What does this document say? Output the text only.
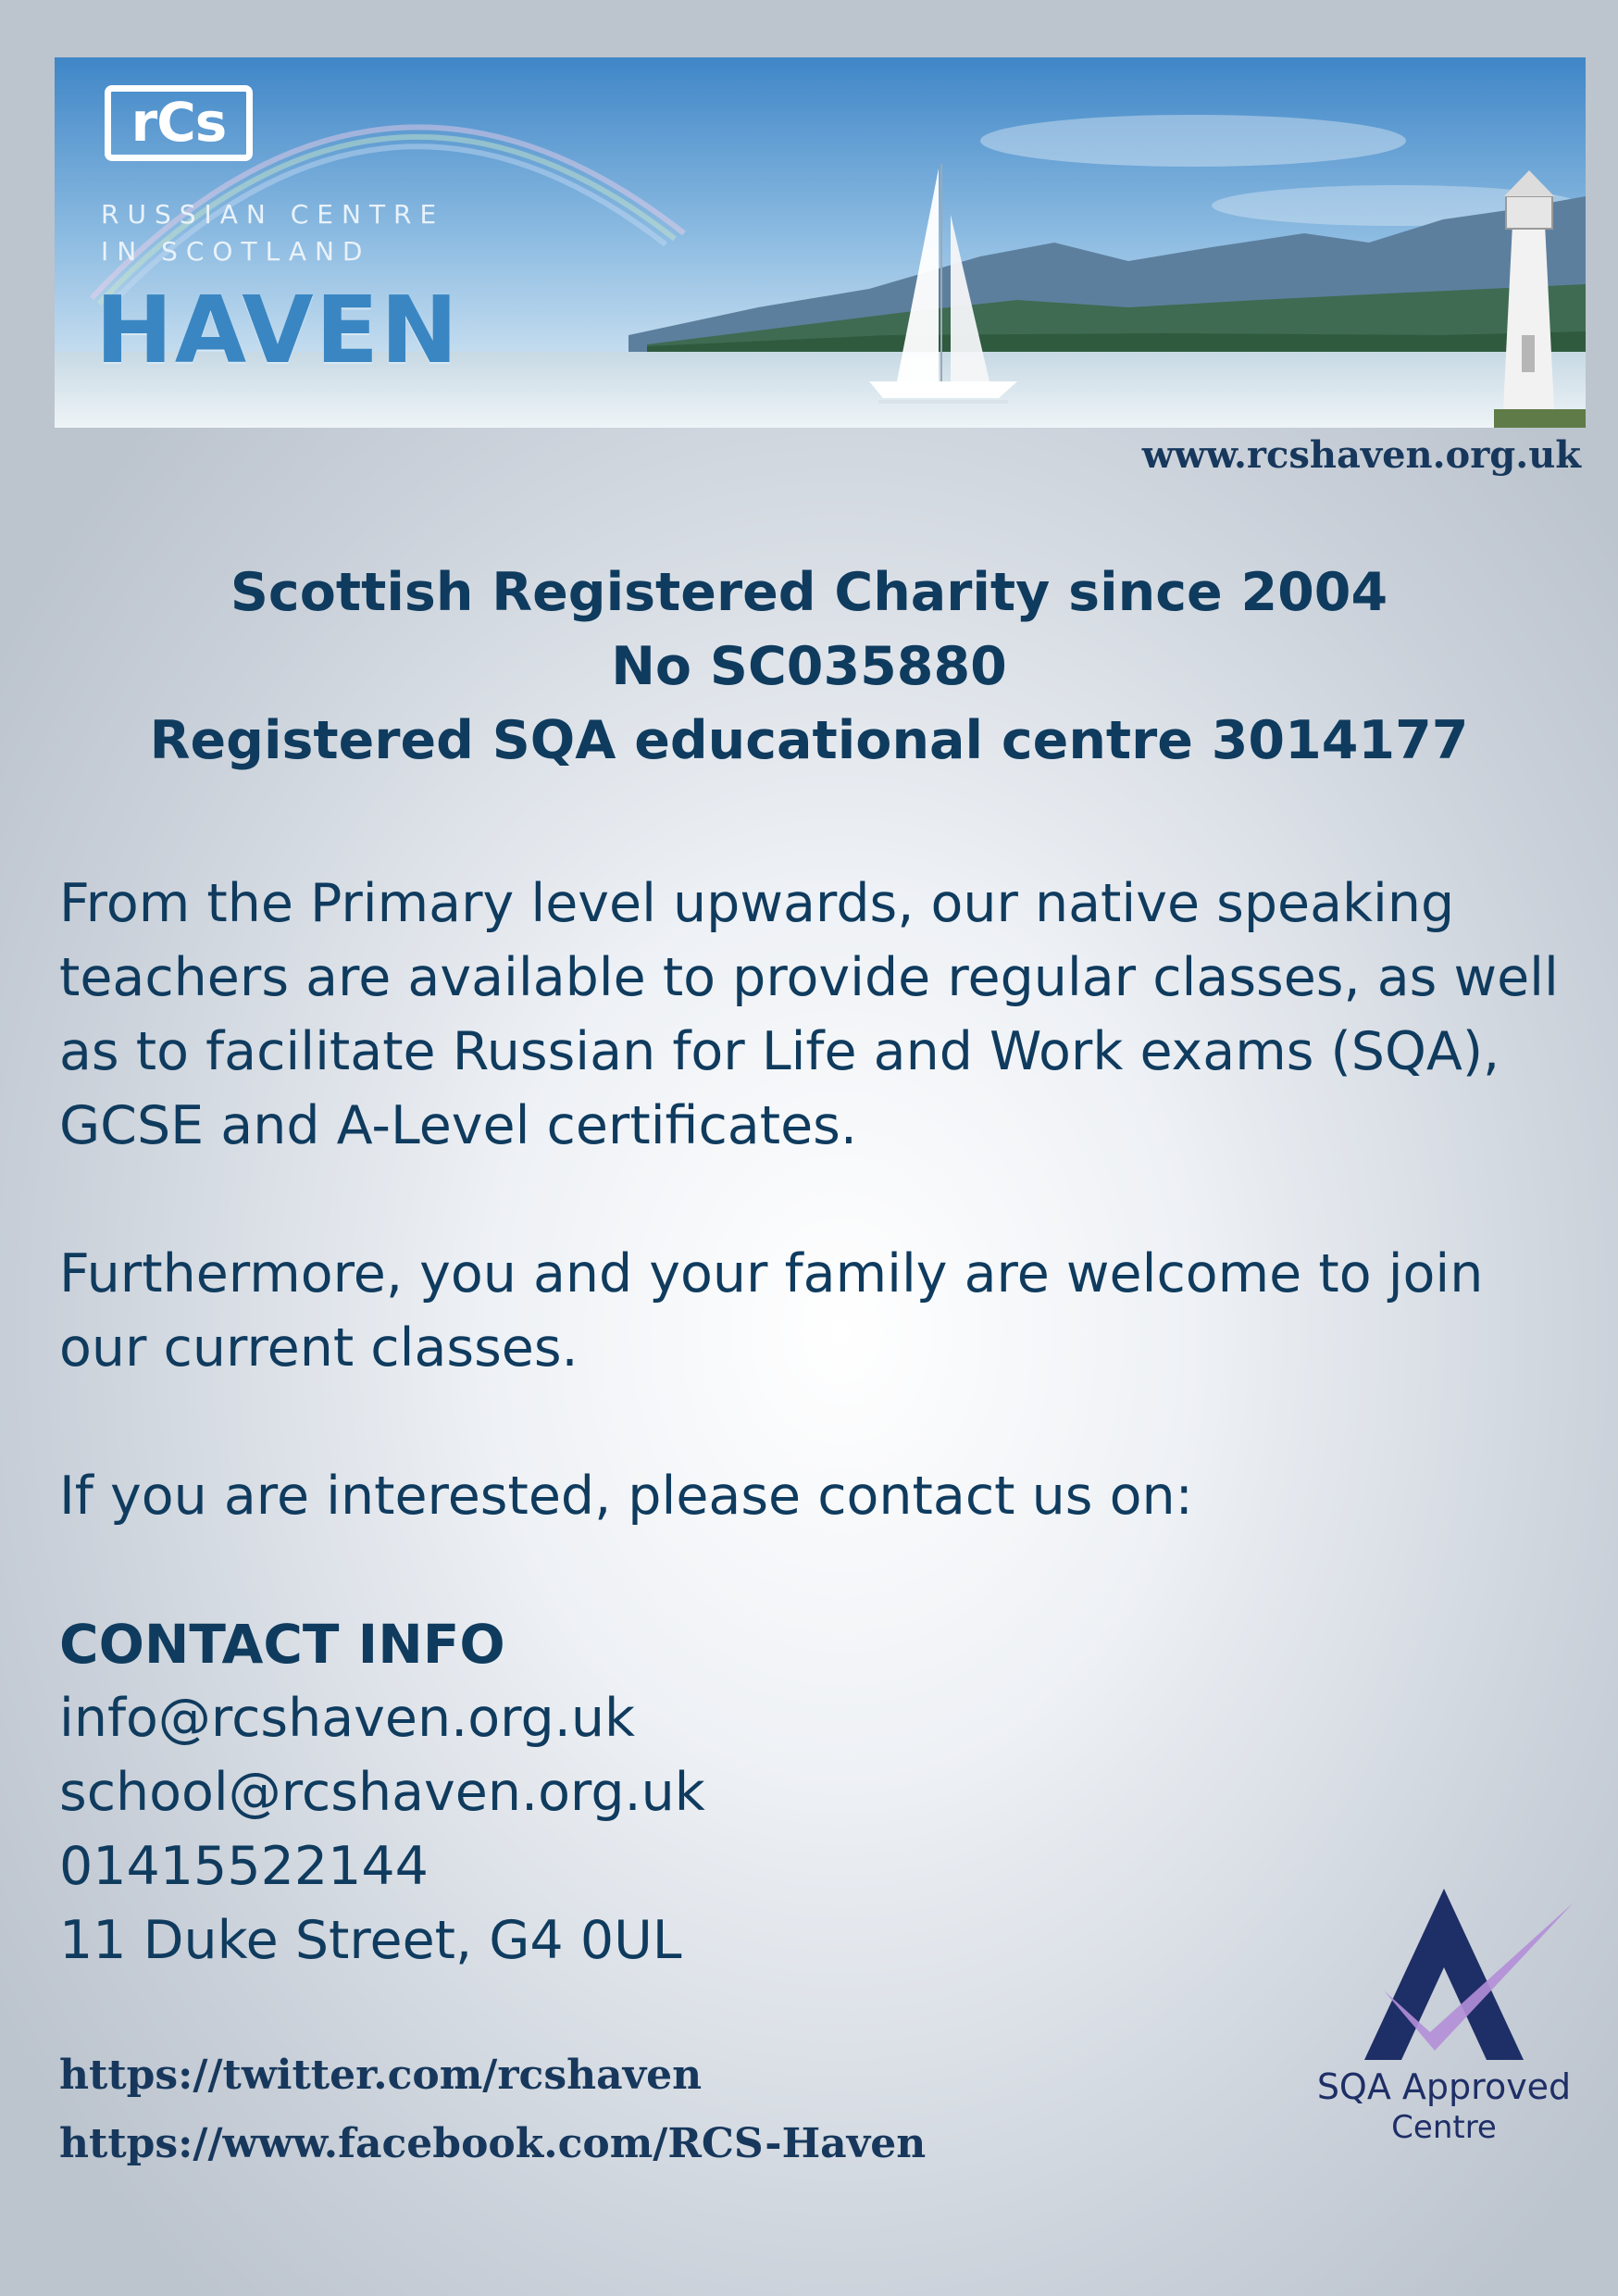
rCs
RUSSIAN CENTRE
IN SCOTLAND
HAVEN
www.rcshaven.org.uk
Scottish Registered Charity since 2004
No SC035880
Registered SQA educational centre 3014177

From the Primary level upwards, our native speaking teachers are available to provide regular classes, as well as to facilitate Russian for Life and Work exams (SQA), GCSE and A-Level certificates.

Furthermore, you and your family are welcome to join our current classes.

If you are interested, please contact us on:

CONTACT INFO
info@rcshaven.org.uk
school@rcshaven.org.uk
01415522144
11 Duke Street, G4 0UL
https://twitter.com/rcshaven
https://www.facebook.com/RCS-Haven
SQA Approved
Centre
